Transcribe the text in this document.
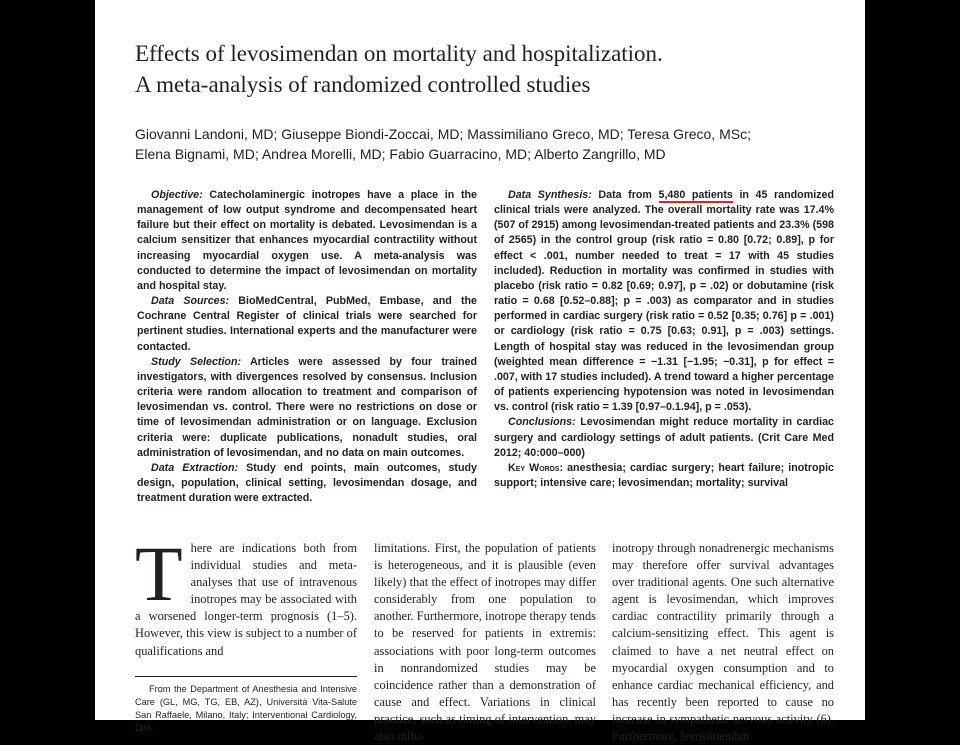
Effects of levosimendan on mortality and hospitalization.
A meta-analysis of randomized controlled studies
Giovanni Landoni, MD; Giuseppe Biondi-Zoccai, MD; Massimiliano Greco, MD; Teresa Greco, MSc;
Elena Bignami, MD; Andrea Morelli, MD; Fabio Guarracino, MD; Alberto Zangrillo, MD

Objective: Catecholaminergic inotropes have a place in the management of low output syndrome and decompensated heart failure but their effect on mortality is debated. Levosimendan is a calcium sensitizer that enhances myocardial contractility without increasing myocardial oxygen use. A meta-analysis was conducted to determine the impact of levosimendan on mortality and hospital stay.

Data Sources: BioMedCentral, PubMed, Embase, and the Cochrane Central Register of clinical trials were searched for pertinent studies. International experts and the manufacturer were contacted.

Study Selection: Articles were assessed by four trained investigators, with divergences resolved by consensus. Inclusion criteria were random allocation to treatment and comparison of levosimendan vs. control. There were no restrictions on dose or time of levosimendan administration or on language. Exclusion criteria were: duplicate publications, nonadult studies, oral administration of levosimendan, and no data on main outcomes.

Data Extraction: Study end points, main outcomes, study design, population, clinical setting, levosimendan dosage, and treatment duration were extracted.

Data Synthesis: Data from 5,480 patients in 45 randomized clinical trials were analyzed. The overall mortality rate was 17.4% (507 of 2915) among levosimendan-treated patients and 23.3% (598 of 2565) in the control group (risk ratio = 0.80 [0.72; 0.89], p for effect < .001, number needed to treat = 17 with 45 studies included). Reduction in mortality was confirmed in studies with placebo (risk ratio = 0.82 [0.69; 0.97], p = .02) or dobutamine (risk ratio = 0.68 [0.52–0.88]; p = .003) as comparator and in studies performed in cardiac surgery (risk ratio = 0.52 [0.35; 0.76] p = .001) or cardiology (risk ratio = 0.75 [0.63; 0.91], p = .003) settings. Length of hospital stay was reduced in the levosimendan group (weighted mean difference = −1.31 [−1.95; −0.31], p for effect = .007, with 17 studies included). A trend toward a higher percentage of patients experiencing hypotension was noted in levosimendan vs. control (risk ratio = 1.39 [0.97–0.1.94], p = .053).

Conclusions: Levosimendan might reduce mortality in cardiac surgery and cardiology settings of adult patients. (Crit Care Med 2012; 40:000–000)

Key Words: anesthesia; cardiac surgery; heart failure; inotropic support; intensive care; levosimendan; mortality; survival

T here are indications both from individual studies and meta-analyses that use of intravenous inotropes may be associated with a worsened longer-term prognosis (1–5). However, this view is subject to a number of qualifications and

limitations. First, the population of patients is heterogeneous, and it is plausible (even likely) that the effect of inotropes may differ considerably from one population to another. Furthermore, inotrope therapy tends to be reserved for patients in extremis: associations with poor long-term outcomes in nonrandomized studies may be coincidence rather than a demonstration of cause and effect. Variations in clinical practice, such as timing of intervention, may also influ-

inotropy through nonadrenergic mechanisms may therefore offer survival advantages over traditional agents. One such alternative agent is levosimendan, which improves cardiac contractility primarily through a calcium-sensitizing effect. This agent is claimed to have a net neutral effect on myocardial oxygen consumption and to enhance cardiac mechanical efficiency, and has recently been reported to cause no increase in sympathetic nervous activity (6). Furthermore, levosimendan

From the Department of Anesthesia and Intensive Care (GL, MG, TG, EB, AZ), Università Vita-Salute San Raffaele, Milano, Italy; Interventional Cardiology, Divi-
